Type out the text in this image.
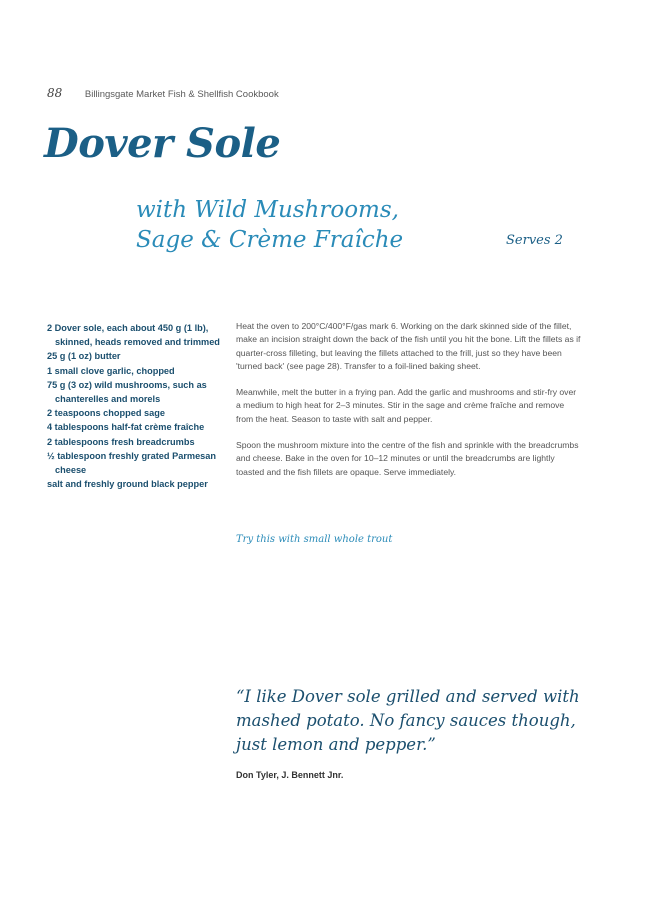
88 Billingsgate Market Fish & Shellfish Cookbook
Dover Sole
with Wild Mushrooms,
Sage & Crème Fraîche	Serves 2
2 Dover sole, each about 450 g (1 lb), skinned, heads removed and trimmed
25 g (1 oz) butter
1 small clove garlic, chopped
75 g (3 oz) wild mushrooms, such as chanterelles and morels
2 teaspoons chopped sage
4 tablespoons half-fat crème fraîche
2 tablespoons fresh breadcrumbs
½ tablespoon freshly grated Parmesan cheese
salt and freshly ground black pepper

Heat the oven to 200°C/400°F/gas mark 6. Working on the dark skinned side of the fillet, make an incision straight down the back of the fish until you hit the bone. Lift the fillets as if quarter-cross filleting, but leaving the fillets attached to the frill, just so they have been 'turned back' (see page 28). Transfer to a foil-lined baking sheet.

Meanwhile, melt the butter in a frying pan. Add the garlic and mushrooms and stir-fry over a medium to high heat for 2–3 minutes. Stir in the sage and crème fraîche and remove from the heat. Season to taste with salt and pepper.

Spoon the mushroom mixture into the centre of the fish and sprinkle with the breadcrumbs and cheese. Bake in the oven for 10–12 minutes or until the breadcrumbs are lightly toasted and the fish fillets are opaque. Serve immediately.

Try this with small whole trout

“I like Dover sole grilled and served with mashed potato. No fancy sauces though, just lemon and pepper.”

Don Tyler, J. Bennett Jnr.
